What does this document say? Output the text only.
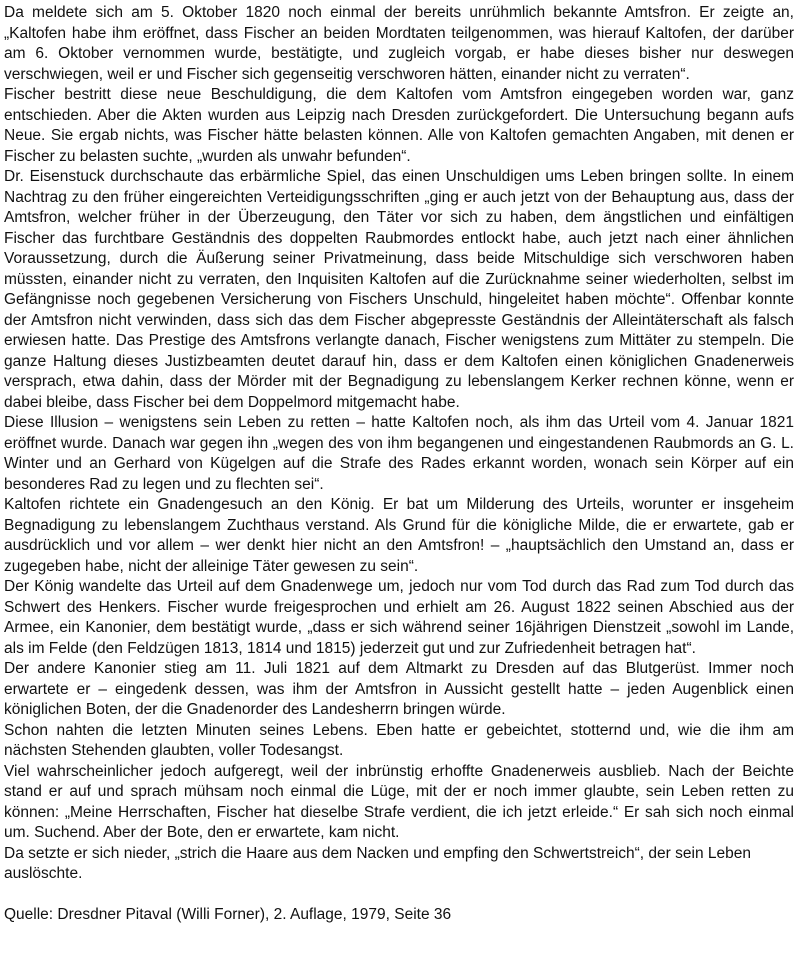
Da meldete sich am 5. Oktober 1820 noch einmal der bereits unrühmlich bekannte Amtsfron. Er zeigte an, „Kaltofen habe ihm eröffnet, dass Fischer an beiden Mordtaten teilgenommen, was hierauf Kaltofen, der darüber am 6. Oktober vernommen wurde, bestätigte, und zugleich vorgab, er habe dieses bisher nur deswegen verschwiegen, weil er und Fischer sich gegenseitig verschworen hätten, einander nicht zu verraten“.

Fischer bestritt diese neue Beschuldigung, die dem Kaltofen vom Amtsfron eingegeben worden war, ganz entschieden. Aber die Akten wurden aus Leipzig nach Dresden zurückgefordert. Die Untersuchung begann aufs Neue. Sie ergab nichts, was Fischer hätte belasten können. Alle von Kaltofen gemachten Angaben, mit denen er Fischer zu belasten suchte, „wurden als unwahr befunden“.

Dr. Eisenstuck durchschaute das erbärmliche Spiel, das einen Unschuldigen ums Leben bringen sollte. In einem Nachtrag zu den früher eingereichten Verteidigungsschriften „ging er auch jetzt von der Behauptung aus, dass der Amtsfron, welcher früher in der Überzeugung, den Täter vor sich zu haben, dem ängstlichen und einfältigen Fischer das furchtbare Geständnis des doppelten Raubmordes entlockt habe, auch jetzt nach einer ähnlichen Voraussetzung, durch die Äußerung seiner Privatmeinung, dass beide Mitschuldige sich verschworen haben müssten, einander nicht zu verraten, den Inquisiten Kaltofen auf die Zurücknahme seiner wiederholten, selbst im Gefängnisse noch gegebenen Versicherung von Fischers Unschuld, hingeleitet haben möchte“. Offenbar konnte der Amtsfron nicht verwinden, dass sich das dem Fischer abgepresste Geständnis der Alleintäterschaft als falsch erwiesen hatte. Das Prestige des Amtsfrons verlangte danach, Fischer wenigstens zum Mittäter zu stempeln. Die ganze Haltung dieses Justizbeamten deutet darauf hin, dass er dem Kaltofen einen königlichen Gnadenerweis versprach, etwa dahin, dass der Mörder mit der Begnadigung zu lebenslangem Kerker rechnen könne, wenn er dabei bleibe, dass Fischer bei dem Doppelmord mitgemacht habe.

Diese Illusion – wenigstens sein Leben zu retten – hatte Kaltofen noch, als ihm das Urteil vom 4. Januar 1821 eröffnet wurde. Danach war gegen ihn „wegen des von ihm begangenen und eingestandenen Raubmords an G. L. Winter und an Gerhard von Kügelgen auf die Strafe des Rades erkannt worden, wonach sein Körper auf ein besonderes Rad zu legen und zu flechten sei“.

Kaltofen richtete ein Gnadengesuch an den König. Er bat um Milderung des Urteils, worunter er insgeheim Begnadigung zu lebenslangem Zuchthaus verstand. Als Grund für die königliche Milde, die er erwartete, gab er ausdrücklich und vor allem – wer denkt hier nicht an den Amtsfron! – „hauptsächlich den Umstand an, dass er zugegeben habe, nicht der alleinige Täter gewesen zu sein“.

Der König wandelte das Urteil auf dem Gnadenwege um, jedoch nur vom Tod durch das Rad zum Tod durch das Schwert des Henkers. Fischer wurde freigesprochen und erhielt am 26. August 1822 seinen Abschied aus der Armee, ein Kanonier, dem bestätigt wurde, „dass er sich während seiner 16jährigen Dienstzeit „sowohl im Lande, als im Felde (den Feldzügen 1813, 1814 und 1815) jederzeit gut und zur Zufriedenheit betragen hat“.

Der andere Kanonier stieg am 11. Juli 1821 auf dem Altmarkt zu Dresden auf das Blutgerüst. Immer noch erwartete er – eingedenk dessen, was ihm der Amtsfron in Aussicht gestellt hatte – jeden Augenblick einen königlichen Boten, der die Gnadenorder des Landesherrn bringen würde.

Schon nahten die letzten Minuten seines Lebens. Eben hatte er gebeichtet, stotternd und, wie die ihm am nächsten Stehenden glaubten, voller Todesangst.

Viel wahrscheinlicher jedoch aufgeregt, weil der inbrünstig erhoffte Gnadenerweis ausblieb. Nach der Beichte stand er auf und sprach mühsam noch einmal die Lüge, mit der er noch immer glaubte, sein Leben retten zu können: „Meine Herrschaften, Fischer hat dieselbe Strafe verdient, die ich jetzt erleide.“ Er sah sich noch einmal um. Suchend. Aber der Bote, den er erwartete, kam nicht.

Da setzte er sich nieder, „strich die Haare aus dem Nacken und empfing den Schwertstreich“, der sein Leben auslöschte.

Quelle: Dresdner Pitaval (Willi Forner), 2. Auflage, 1979, Seite 36
